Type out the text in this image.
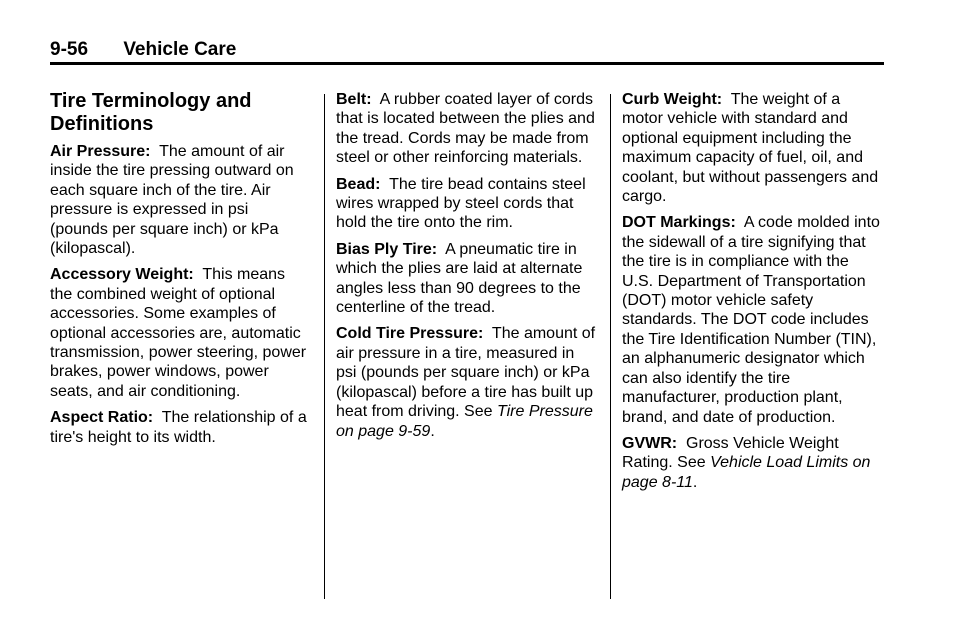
9-56 Vehicle Care
Tire Terminology and Definitions

Air Pressure: The amount of air inside the tire pressing outward on each square inch of the tire. Air pressure is expressed in psi (pounds per square inch) or kPa (kilopascal).

Accessory Weight: This means the combined weight of optional accessories. Some examples of optional accessories are, automatic transmission, power steering, power brakes, power windows, power seats, and air conditioning.

Aspect Ratio: The relationship of a tire's height to its width.

Belt: A rubber coated layer of cords that is located between the plies and the tread. Cords may be made from steel or other reinforcing materials.

Bead: The tire bead contains steel wires wrapped by steel cords that hold the tire onto the rim.

Bias Ply Tire: A pneumatic tire in which the plies are laid at alternate angles less than 90 degrees to the centerline of the tread.

Cold Tire Pressure: The amount of air pressure in a tire, measured in psi (pounds per square inch) or kPa (kilopascal) before a tire has built up heat from driving. See Tire Pressure on page 9-59.

Curb Weight: The weight of a motor vehicle with standard and optional equipment including the maximum capacity of fuel, oil, and coolant, but without passengers and cargo.

DOT Markings: A code molded into the sidewall of a tire signifying that the tire is in compliance with the U.S. Department of Transportation (DOT) motor vehicle safety standards. The DOT code includes the Tire Identification Number (TIN), an alphanumeric designator which can also identify the tire manufacturer, production plant, brand, and date of production.

GVWR: Gross Vehicle Weight Rating. See Vehicle Load Limits on page 8-11.
